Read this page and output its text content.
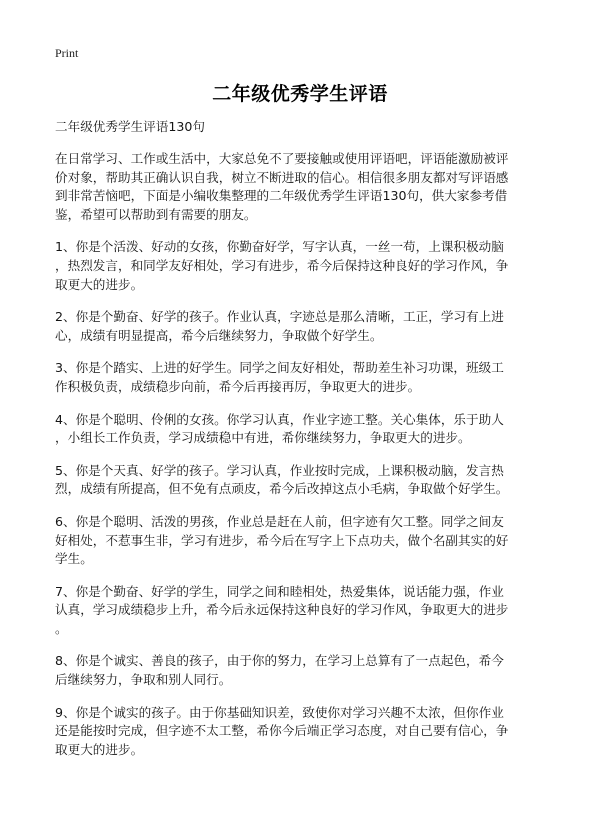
Print
二年级优秀学生评语
二年级优秀学生评语130句
在日常学习、工作或生活中，大家总免不了要接触或使用评语吧，评语能激励被评
价对象，帮助其正确认识自我，树立不断进取的信心。相信很多朋友都对写评语感
到非常苦恼吧，下面是小编收集整理的二年级优秀学生评语130句，供大家参考借
鉴，希望可以帮助到有需要的朋友。
1、你是个活泼、好动的女孩，你勤奋好学，写字认真，一丝一苟，上课积极动脑
，热烈发言，和同学友好相处，学习有进步，希今后保持这种良好的学习作风，争
取更大的进步。
2、你是个勤奋、好学的孩子。作业认真，字迹总是那么清晰，工正，学习有上进
心，成绩有明显提高，希今后继续努力，争取做个好学生。
3、你是个踏实、上进的好学生。同学之间友好相处，帮助差生补习功课，班级工
作积极负责，成绩稳步向前，希今后再接再厉，争取更大的进步。
4、你是个聪明、伶俐的女孩。你学习认真，作业字迹工整。关心集体，乐于助人
，小组长工作负责，学习成绩稳中有进，希你继续努力，争取更大的进步。
5、你是个天真、好学的孩子。学习认真，作业按时完成，上课积极动脑，发言热
烈，成绩有所提高，但不免有点顽皮，希今后改掉这点小毛病，争取做个好学生。
6、你是个聪明、活泼的男孩，作业总是赶在人前，但字迹有欠工整。同学之间友
好相处，不惹事生非，学习有进步，希今后在写字上下点功夫，做个名副其实的好
学生。
7、你是个勤奋、好学的学生，同学之间和睦相处，热爱集体，说话能力强，作业
认真，学习成绩稳步上升，希今后永远保持这种良好的学习作风，争取更大的进步
。
8、你是个诚实、善良的孩子，由于你的努力，在学习上总算有了一点起色，希今
后继续努力，争取和别人同行。
9、你是个诚实的孩子。由于你基础知识差，致使你对学习兴趣不太浓，但你作业
还是能按时完成，但字迹不太工整，希你今后端正学习态度，对自己要有信心，争
取更大的进步。
